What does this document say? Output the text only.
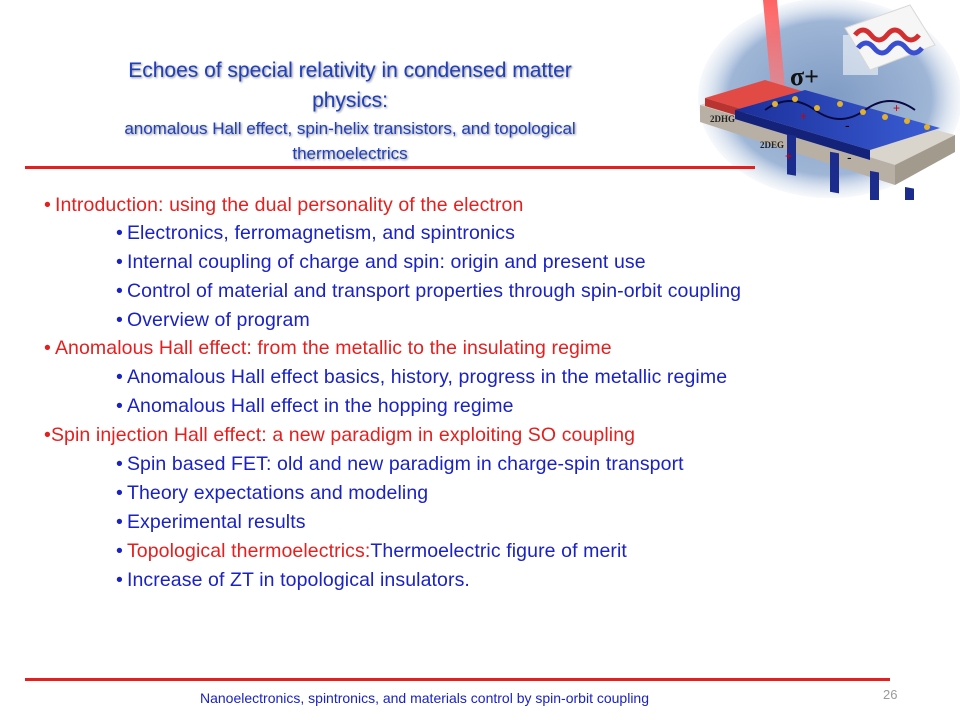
Echoes of special relativity in condensed matter
physics:
anomalous Hall effect, spin-helix transistors, and topological
thermoelectrics
σ+
2DHG
2DEG
+
-
+
+	-
• Introduction: using the dual personality of the electron
• Electronics, ferromagnetism, and spintronics
• Internal coupling of charge and spin: origin and present use
• Control of material and transport properties through spin-orbit coupling
• Overview of program
• Anomalous Hall effect: from the metallic to the insulating regime
• Anomalous Hall effect basics, history, progress in the metallic regime
• Anomalous Hall effect in the hopping regime
•Spin injection Hall effect: a new paradigm in exploiting SO coupling
• Spin based FET: old and new paradigm in charge-spin transport
• Theory expectations and modeling
• Experimental results
• Topological thermoelectrics:Thermoelectric figure of merit
• Increase of ZT in topological insulators.
Nanoelectronics, spintronics, and materials control by spin-orbit coupling	26
